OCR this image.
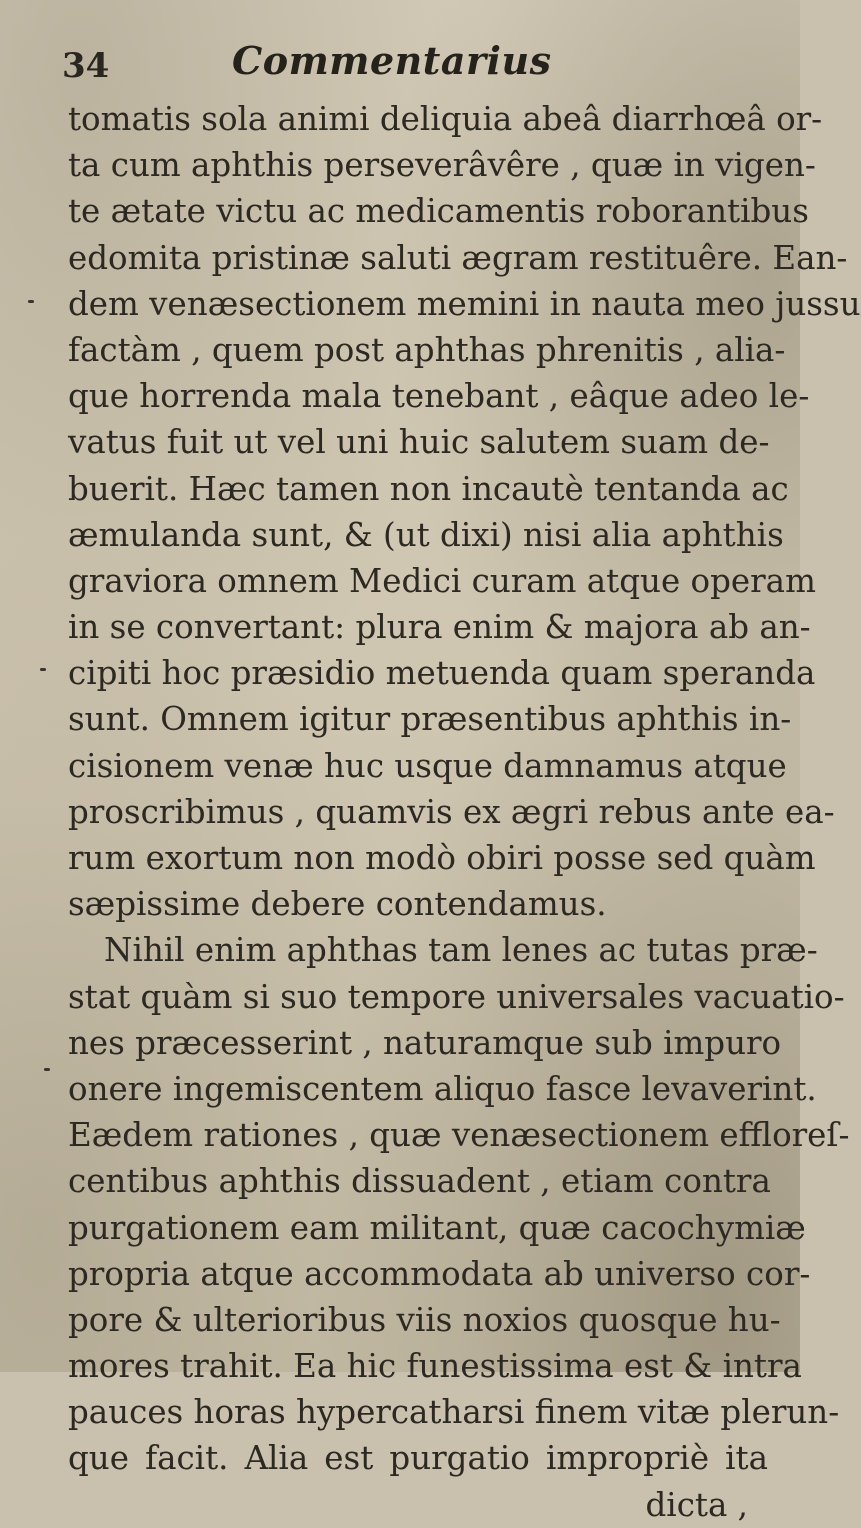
34	Commentarius
tomatis sola animi deliquia abeâ diarrhœâ or-
ta cum aphthis perseverâvêre , quæ in vigen-
te ætate victu ac medicamentis roborantibus
edomita pristinæ saluti ægram restituêre. Ean-
dem venæsectionem memini in nauta meo jussu
factàm , quem post aphthas phrenitis , alia-
que horrenda mala tenebant , eâque adeo le-
vatus fuit ut vel uni huic salutem suam de-
buerit. Hæc tamen non incautè tentanda ac
æmulanda sunt, & (ut dixi) nisi alia aphthis
graviora omnem Medici curam atque operam
in se convertant: plura enim & majora ab an-
cipiti hoc præsidio metuenda quam speranda
sunt. Omnem igitur præsentibus aphthis in-
cisionem venæ huc usque damnamus atque
proscribimus , quamvis ex ægri rebus ante ea-
rum exortum non modò obiri posse sed quàm
sæpissime debere contendamus.
Nihil enim aphthas tam lenes ac tutas præ-
stat quàm si suo tempore universales vacuatio-
nes præcesserint , naturamque sub impuro
onere ingemiscentem aliquo fasce levaverint.
Eædem rationes , quæ venæsectionem effloreſ-
centibus aphthis dissuadent , etiam contra
purgationem eam militant, quæ cacochymiæ
propria atque accommodata ab universo cor-
pore & ulterioribus viis noxios quosque hu-
mores trahit. Ea hic funestissima est & intra
pauces horas hypercatharsi finem vitæ plerun-
que facit. Alia est purgatio impropriè ita
dicta ,
